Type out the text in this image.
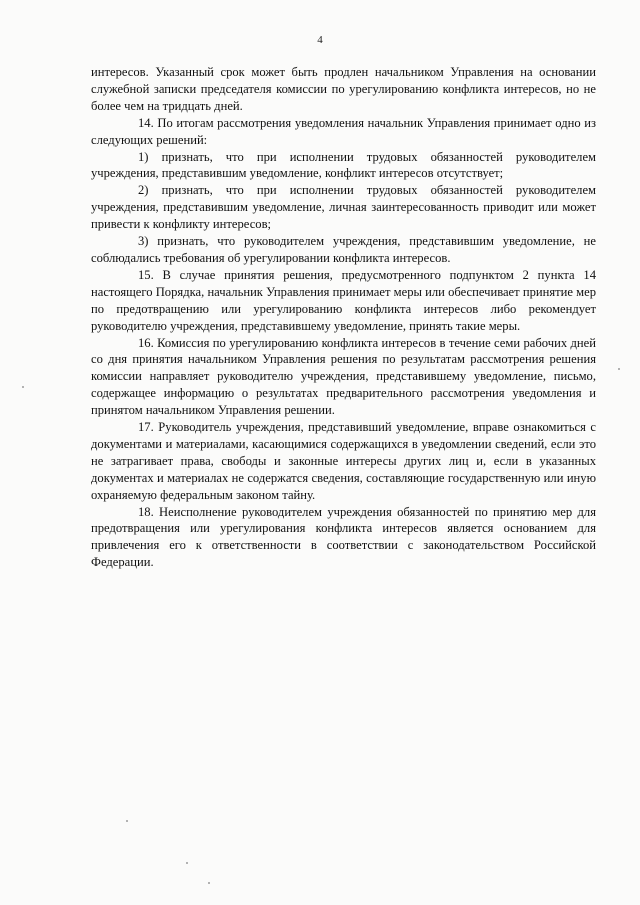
4

интересов. Указанный срок может быть продлен начальником Управления на основании служебной записки председателя комиссии по урегулированию конфликта интересов, но не более чем на тридцать дней.

14. По итогам рассмотрения уведомления начальник Управления принимает одно из следующих решений:

1) признать, что при исполнении трудовых обязанностей руководителем учреждения, представившим уведомление, конфликт интересов отсутствует;

2) признать, что при исполнении трудовых обязанностей руководителем учреждения, представившим уведомление, личная заинтересованность приводит или может привести к конфликту интересов;

3) признать, что руководителем учреждения, представившим уведомление, не соблюдались требования об урегулировании конфликта интересов.

15. В случае принятия решения, предусмотренного подпунктом 2 пункта 14 настоящего Порядка, начальник Управления принимает меры или обеспечивает принятие мер по предотвращению или урегулированию конфликта интересов либо рекомендует руководителю учреждения, представившему уведомление, принять такие меры.

16. Комиссия по урегулированию конфликта интересов в течение семи рабочих дней со дня принятия начальником Управления решения по результатам рассмотрения решения комиссии направляет руководителю учреждения, представившему уведомление, письмо, содержащее информацию о результатах предварительного рассмотрения уведомления и принятом начальником Управления решении.

17. Руководитель учреждения, представивший уведомление, вправе ознакомиться с документами и материалами, касающимися содержащихся в уведомлении сведений, если это не затрагивает права, свободы и законные интересы других лиц и, если в указанных документах и материалах не содержатся сведения, составляющие государственную или иную охраняемую федеральным законом тайну.

18. Неисполнение руководителем учреждения обязанностей по принятию мер для предотвращения или урегулирования конфликта интересов является основанием для привлечения его к ответственности в соответствии с законодательством Российской Федерации.
